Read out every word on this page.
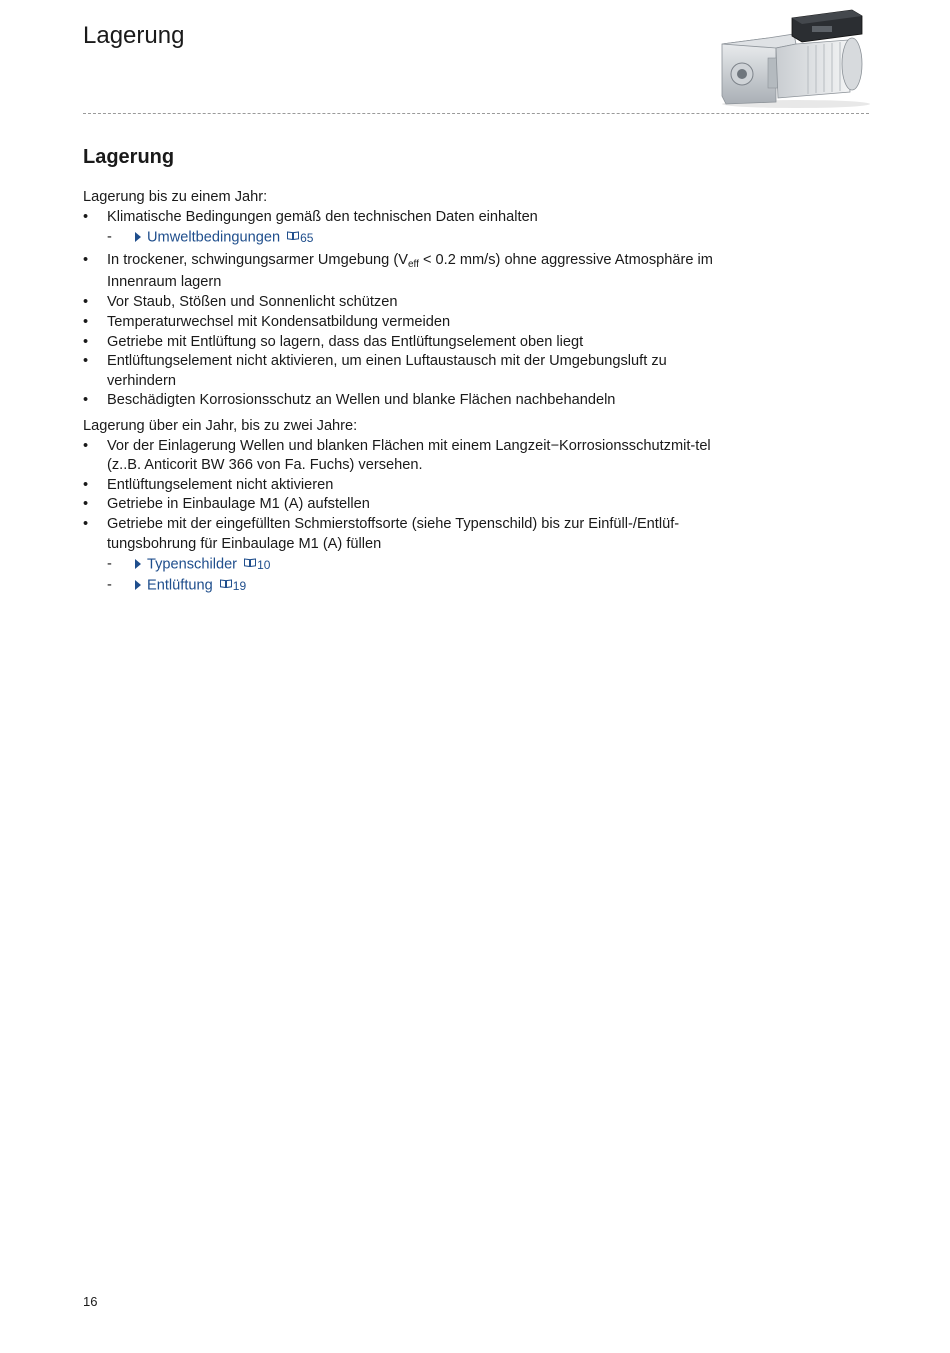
Lagerung
Lagerung

Lagerung bis zu einem Jahr:

•	Klimatische Bedingungen gemäß den technischen Daten einhalten
- Umweltbedingungen 65
•	In trockener, schwingungsarmer Umgebung ($V_{eff} < 0.2$ mm/s) ohne aggressive Atmosphäre im Innenraum lagern
•	Vor Staub, Stößen und Sonnenlicht schützen
•	Temperaturwechsel mit Kondensatbildung vermeiden
•	Getriebe mit Entlüftung so lagern, dass das Entlüftungselement oben liegt
•	Entlüftungselement nicht aktivieren, um einen Luftaustausch mit der Umgebungsluft zu verhindern
•	Beschädigten Korrosionsschutz an Wellen und blanke Flächen nachbehandeln

Lagerung über ein Jahr, bis zu zwei Jahre:

•	Vor der Einlagerung Wellen und blanken Flächen mit einem Langzeit−Korrosionsschutzmit-tel (z..B. Anticorit BW 366 von Fa. Fuchs) versehen.
•	Entlüftungselement nicht aktivieren
•	Getriebe in Einbaulage M1 (A) aufstellen
•	Getriebe mit der eingefüllten Schmierstoffsorte (siehe Typenschild) bis zur Einfüll-/Entlüf-tungsbohrung für Einbaulage M1 (A) füllen
- Typenschilder 10
- Entlüftung 19
16
